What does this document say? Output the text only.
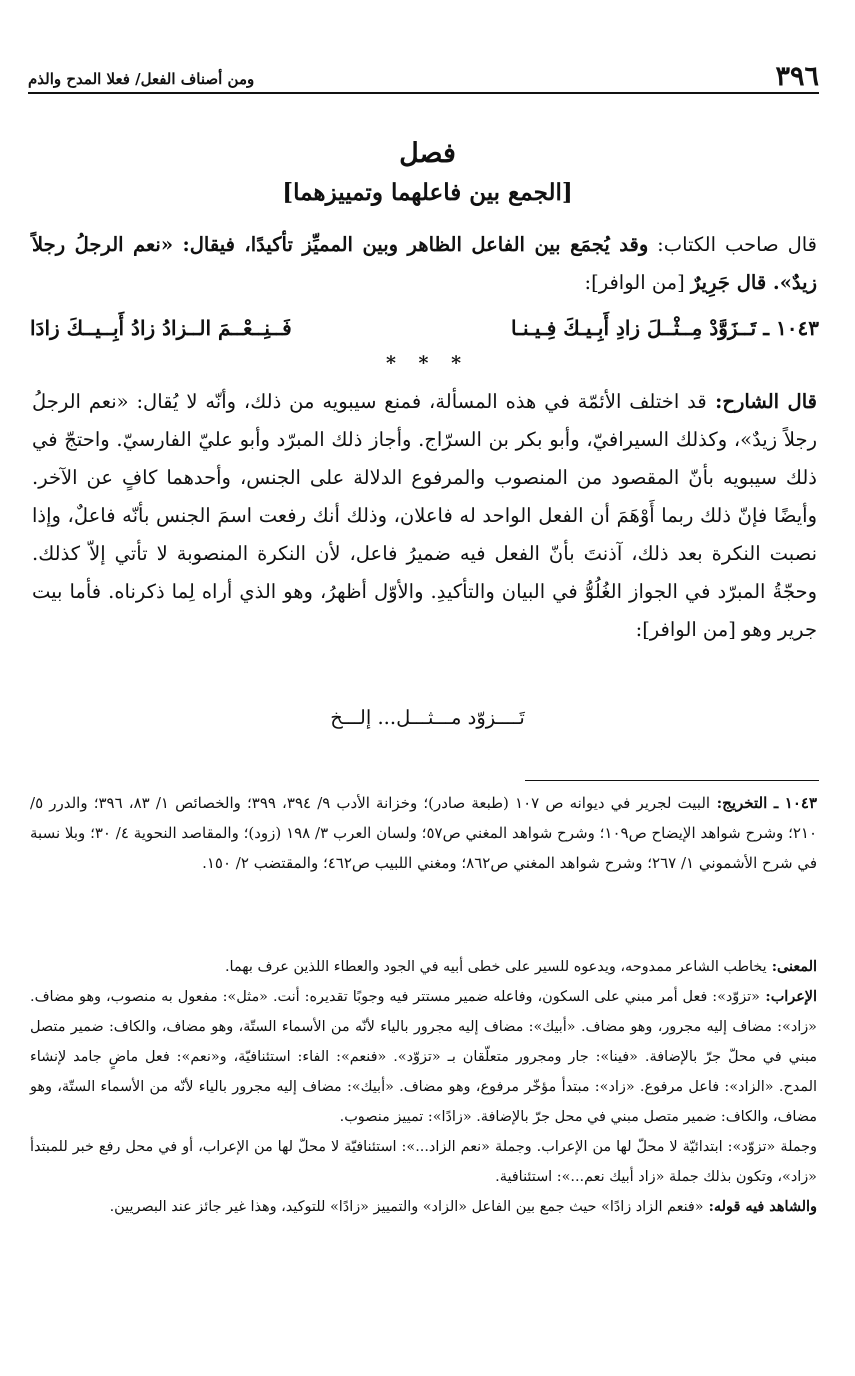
٣٩٦
ومن أصناف الفعل/ فعلا المدح والذم
فصل
[الجمع بين فاعلهما وتمييزهما]
قال صاحب الكتاب: وقد يُجمَع بين الفاعل الظاهر وبين المميِّز تأكيدًا، فيقال: «نعم الرجلُ رجلاً زيدٌ». قال جَرِيرٌ [من الوافر]:
١٠٤٣ ـ تَــزَوَّدْ مِــثْــلَ زادِ أَبِـيـكَ فِـيـنـا
فَــنِــعْــمَ الــزادُ زادُ أَبِــيــكَ زادَا
* * *
قال الشارح: قد اختلف الأئمّة في هذه المسألة، فمنع سيبويه من ذلك، وأنّه لا يُقال: «نعم الرجلُ رجلاً زيدٌ»، وكذلك السيرافيّ، وأبو بكر بن السرّاج. وأجاز ذلك المبرّد وأبو عليّ الفارسيّ. واحتجّ في ذلك سيبويه بأنّ المقصود من المنصوب والمرفوع الدلالة على الجنس، وأحدهما كافٍ عن الآخر. وأيضًا فإنّ ذلك ربما أَوْهَمَ أن الفعل الواحد له فاعلان، وذلك أنك رفعت اسمَ الجنس بأنّه فاعلٌ، وإذا نصبت النكرة بعد ذلك، آذنتَ بأنّ الفعل فيه ضميرُ فاعل، لأن النكرة المنصوبة لا تأتي إلاّ كذلك. وحجّةُ المبرّد في الجواز الغُلُوُّ في البيان والتأكيدِ. والأوّل أظهرُ، وهو الذي أراه لِما ذكرناه. فأما بيت جرير وهو [من الوافر]:
تَــــزوّد مـــثـــل... إلـــخ
١٠٤٣ ـ التخريج: البيت لجرير في ديوانه ص ١٠٧ (طبعة صادر)؛ وخزانة الأدب ٩/ ٣٩٤، ٣٩٩؛ والخصائص ١/ ٨٣، ٣٩٦؛ والدرر ٥/ ٢١٠؛ وشرح شواهد الإيضاح ص١٠٩؛ وشرح شواهد المغني ص٥٧؛ ولسان العرب ٣/ ١٩٨ (زود)؛ والمقاصد النحوية ٤/ ٣٠؛ وبلا نسبة في شرح الأشموني ١/ ٢٦٧؛ وشرح شواهد المغني ص٨٦٢؛ ومغني اللبيب ص٤٦٢؛ والمقتضب ٢/ ١٥٠.

المعنى: يخاطب الشاعر ممدوحه، ويدعوه للسير على خطى أبيه في الجود والعطاء اللذين عرف بهما.

الإعراب: «تزوّد»: فعل أمر مبني على السكون، وفاعله ضمير مستتر فيه وجوبًا تقديره: أنت. «مثل»: مفعول به منصوب، وهو مضاف. «زاد»: مضاف إليه مجرور، وهو مضاف. «أبيك»: مضاف إليه مجرور بالياء لأنّه من الأسماء الستّة، وهو مضاف، والكاف: ضمير متصل مبني في محلّ جرّ بالإضافة. «فينا»: جار ومجرور متعلّقان بـ «تزوّد». «فنعم»: الفاء: استئنافيّة، و«نعم»: فعل ماضٍ جامد لإنشاء المدح. «الزاد»: فاعل مرفوع. «زاد»: مبتدأ مؤخّر مرفوع، وهو مضاف. «أبيك»: مضاف إليه مجرور بالياء لأنّه من الأسماء الستّة، وهو مضاف، والكاف: ضمير متصل مبني في محل جرّ بالإضافة. «زادًا»: تمييز منصوب.

وجملة «تزوّد»: ابتدائيّة لا محلّ لها من الإعراب. وجملة «نعم الزاد...»: استئنافيّة لا محلّ لها من الإعراب، أو في محل رفع خبر للمبتدأ «زاد»، وتكون بذلك جملة «زاد أبيك نعم...»: استئنافية.

والشاهد فيه قوله: «فنعم الزاد زادًا» حيث جمع بين الفاعل «الزاد» والتمييز «زادًا» للتوكيد، وهذا غير جائز عند البصريين.
